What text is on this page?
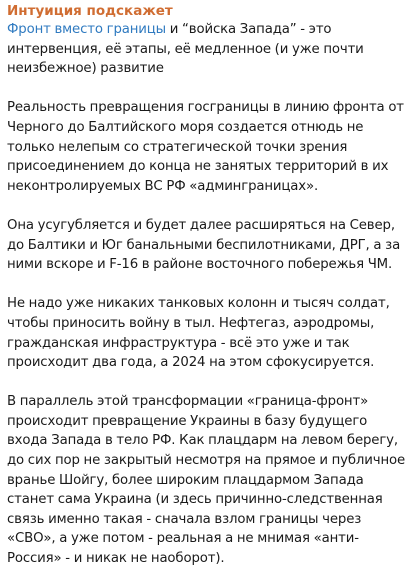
Интуиция подскажет

Фронт вместо границы и “войска Запада” - это интервенция, её этапы, её медленное (и уже почти неизбежное) развитие

Реальность превращения госграницы в линию фронта от Черного до Балтийского моря создается отнюдь не только нелепым со стратегической точки зрения присоединением до конца не занятых территорий в их неконтролируемых ВС РФ «админграницах».

Она усугубляется и будет далее расширяться на Север, до Балтики и Юг банальными беспилотниками, ДРГ, а за ними вскоре и F-16 в районе восточного побережья ЧМ.

Не надо уже никаких танковых колонн и тысяч солдат, чтобы приносить войну в тыл. Нефтегаз, аэродромы, гражданская инфраструктура - всё это уже и так происходит два года, а 2024 на этом сфокусируется.

В параллель этой трансформации «граница-фронт» происходит превращение Украины в базу будущего входа Запада в тело РФ. Как плацдарм на левом берегу, до сих пор не закрытый несмотря на прямое и публичное вранье Шойгу, более широким плацдармом Запада станет сама Украина (и здесь причинно-следственная связь именно такая - сначала взлом границы через «СВО», а уже потом - реальная а не мнимая «анти-Россия» - и никак не наоборот).
